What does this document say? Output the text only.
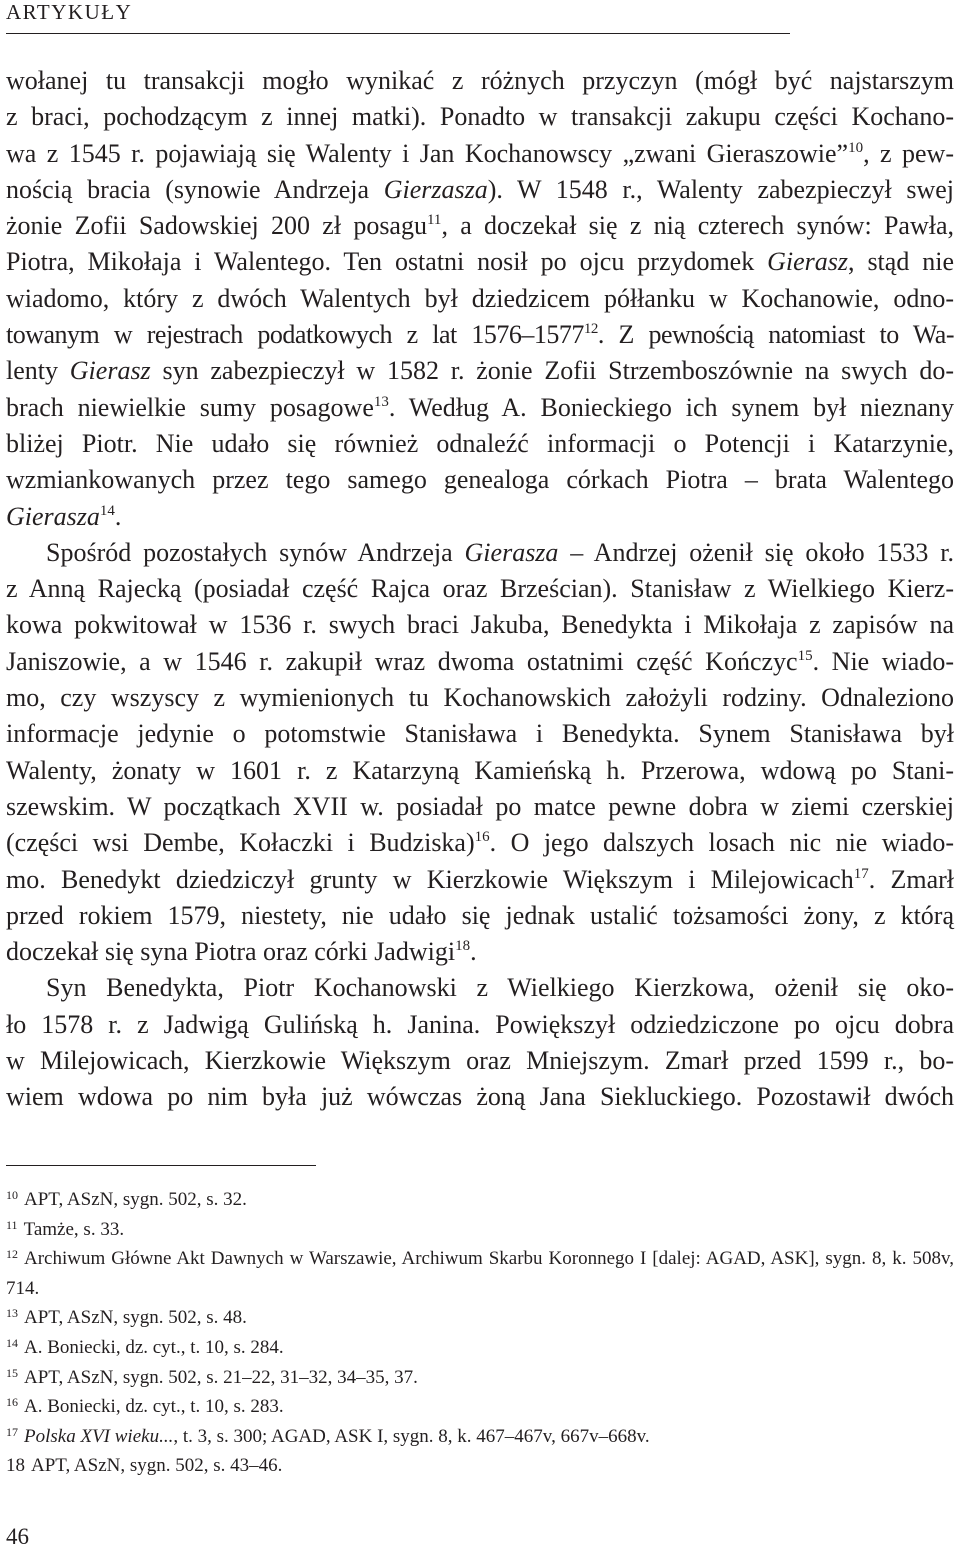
ARTYKUŁY
wołanej tu transakcji mogło wynikać z różnych przyczyn (mógł być najstarszym
z braci, pochodzącym z innej matki). Ponadto w transakcji zakupu części Kochano-
wa z 1545 r. pojawiają się Walenty i Jan Kochanowscy „zwani Gieraszowie”$^{10}$, z pew-
nością bracia (synowie Andrzeja Gierzasza). W 1548 r., Walenty zabezpieczył swej
żonie Zofii Sadowskiej 200 zł posagu$^{11}$, a doczekał się z nią czterech synów: Pawła,
Piotra, Mikołaja i Walentego. Ten ostatni nosił po ojcu przydomek Gierasz, stąd nie
wiadomo, który z dwóch Walentych był dziedzicem półłanku w Kochanowie, odno-
towanym w rejestrach podatkowych z lat 1576–1577$^{12}$. Z pewnością natomiast to Wa-
lenty Gierasz syn zabezpieczył w 1582 r. żonie Zofii Strzemboszównie na swych do-
brach niewielkie sumy posagowe$^{13}$. Według A. Bonieckiego ich synem był nieznany
bliżej Piotr. Nie udało się również odnaleźć informacji o Potencji i Katarzynie,
wzmiankowanych przez tego samego genealoga córkach Piotra – brata Walentego
Gierasza$^{14}$.
Spośród pozostałych synów Andrzeja Gierasza – Andrzej ożenił się około 1533 r.
z Anną Rajecką (posiadał część Rajca oraz Brześcian). Stanisław z Wielkiego Kierz-
kowa pokwitował w 1536 r. swych braci Jakuba, Benedykta i Mikołaja z zapisów na
Janiszowie, a w 1546 r. zakupił wraz dwoma ostatnimi część Kończyc$^{15}$. Nie wiado-
mo, czy wszyscy z wymienionych tu Kochanowskich założyli rodziny. Odnaleziono
informacje jedynie o potomstwie Stanisława i Benedykta. Synem Stanisława był
Walenty, żonaty w 1601 r. z Katarzyną Kamieńską h. Przerowa, wdową po Stani-
szewskim. W początkach XVII w. posiadał po matce pewne dobra w ziemi czerskiej
(części wsi Dembe, Kołaczki i Budziska)$^{16}$. O jego dalszych losach nic nie wiado-
mo. Benedykt dziedziczył grunty w Kierzkowie Większym i Milejowicach$^{17}$. Zmarł
przed rokiem 1579, niestety, nie udało się jednak ustalić tożsamości żony, z którą
doczekał się syna Piotra oraz córki Jadwigi$^{18}$.
Syn Benedykta, Piotr Kochanowski z Wielkiego Kierzkowa, ożenił się oko-
ło 1578 r. z Jadwigą Gulińską h. Janina. Powiększył odziedziczone po ojcu dobra
w Milejowicach, Kierzkowie Większym oraz Mniejszym. Zmarł przed 1599 r., bo-
wiem wdowa po nim była już wówczas żoną Jana Siekluckiego. Pozostawił dwóch
$^{10}$ APT, ASzN, sygn. 502, s. 32.
$^{11}$ Tamże, s. 33.
$^{12}$ Archiwum Główne Akt Dawnych w Warszawie, Archiwum Skarbu Koronnego I [dalej: AGAD, ASK], sygn. 8, k. 508v, 714.
$^{13}$ APT, ASzN, sygn. 502, s. 48.
$^{14}$ A. Boniecki, dz. cyt., t. 10, s. 284.
$^{15}$ APT, ASzN, sygn. 502, s. 21–22, 31–32, 34–35, 37.
$^{16}$ A. Boniecki, dz. cyt., t. 10, s. 283.
$^{17}$ Polska XVI wieku..., t. 3, s. 300; AGAD, ASK I, sygn. 8, k. 467–467v, 667v–668v.
18 APT, ASzN, sygn. 502, s. 43–46.
46
